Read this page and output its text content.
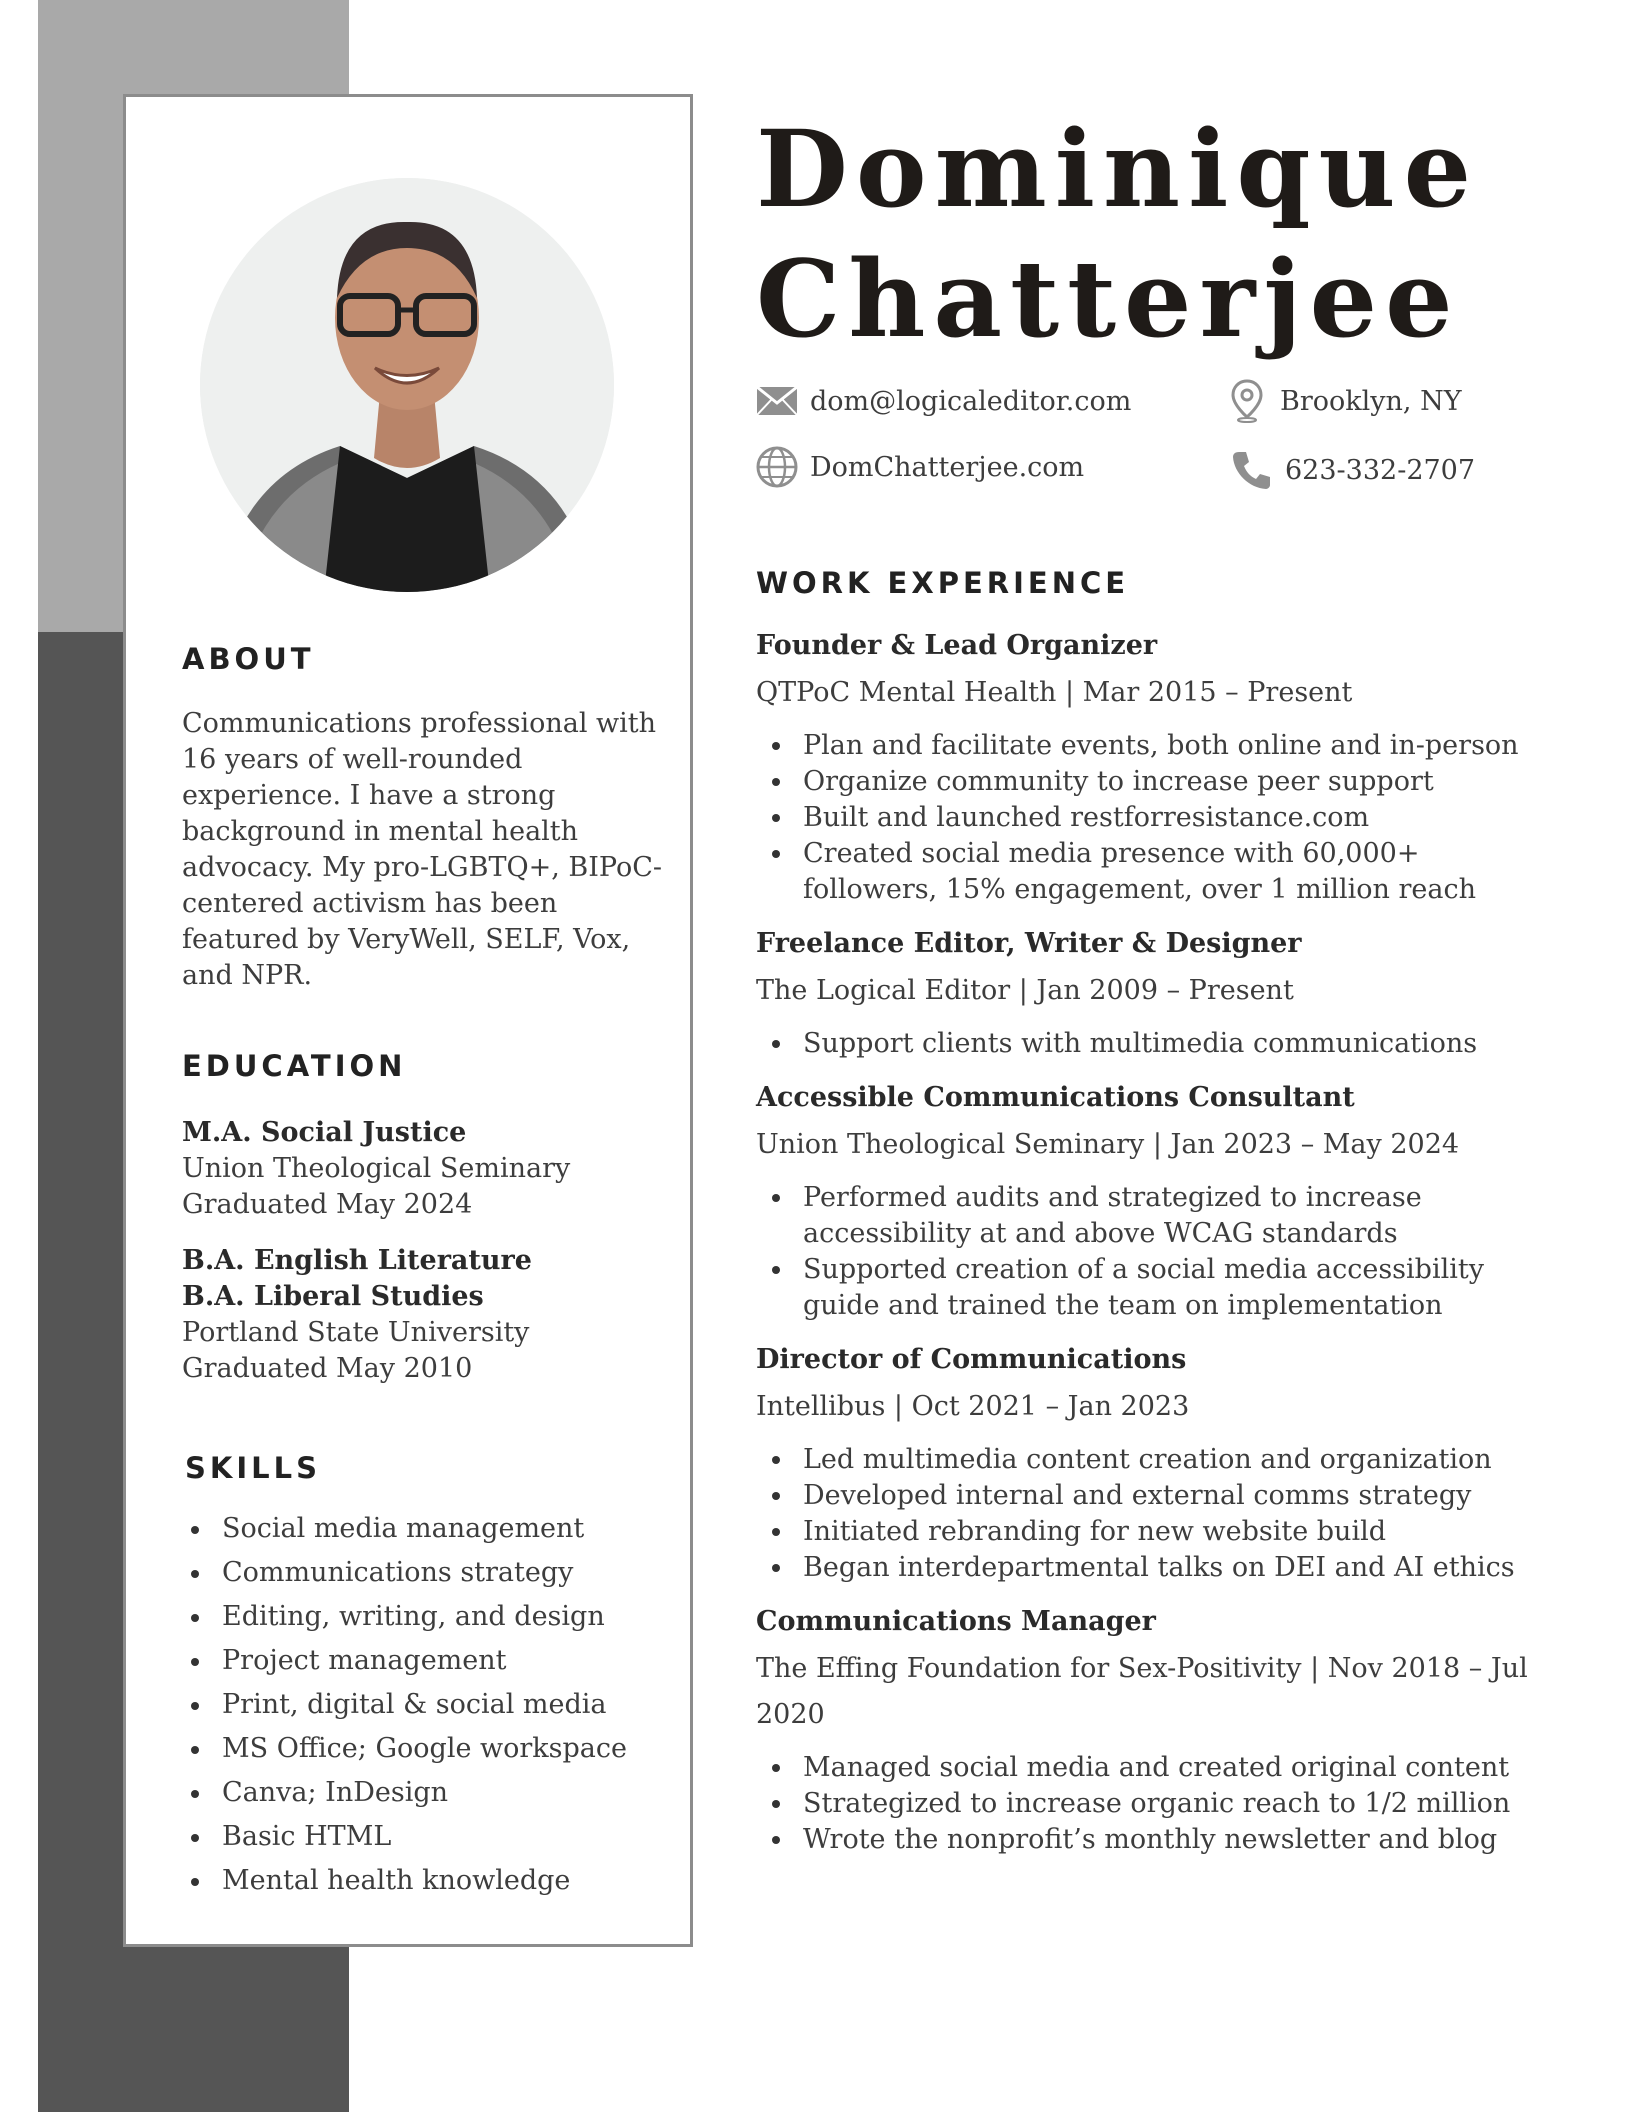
ABOUT

Communications professional with 16 years of well-rounded experience. I have a strong background in mental health advocacy. My pro-LGBTQ+, BIPoC-centered activism has been featured by VeryWell, SELF, Vox, and NPR.

EDUCATION
M.A. Social Justice
Union Theological Seminary
Graduated May 2024
B.A. English Literature
B.A. Liberal Studies
Portland State University
Graduated May 2010
SKILLS
Social media management
Communications strategy
Editing, writing, and design
Project management
Print, digital & social media
MS Office; Google workspace
Canva; InDesign
Basic HTML
Mental health knowledge
Dominique
Chatterjee
dom@logicaleditor.com
DomChatterjee.com
Brooklyn, NY
623-332-2707
WORK EXPERIENCE
Founder & Lead Organizer
QTPoC Mental Health | Mar 2015 – Present
Plan and facilitate events, both online and in-person
Organize community to increase peer support
Built and launched restforresistance.com
Created social media presence with 60,000+ followers, 15% engagement, over 1 million reach
Freelance Editor, Writer & Designer
The Logical Editor | Jan 2009 – Present
Support clients with multimedia communications
Accessible Communications Consultant
Union Theological Seminary | Jan 2023 – May 2024
Performed audits and strategized to increase accessibility at and above WCAG standards
Supported creation of a social media accessibility guide and trained the team on implementation
Director of Communications
Intellibus | Oct 2021 – Jan 2023
Led multimedia content creation and organization
Developed internal and external comms strategy
Initiated rebranding for new website build
Began interdepartmental talks on DEI and AI ethics
Communications Manager
The Effing Foundation for Sex-Positivity | Nov 2018 – Jul 2020
Managed social media and created original content
Strategized to increase organic reach to 1/2 million
Wrote the nonprofit’s monthly newsletter and blog
